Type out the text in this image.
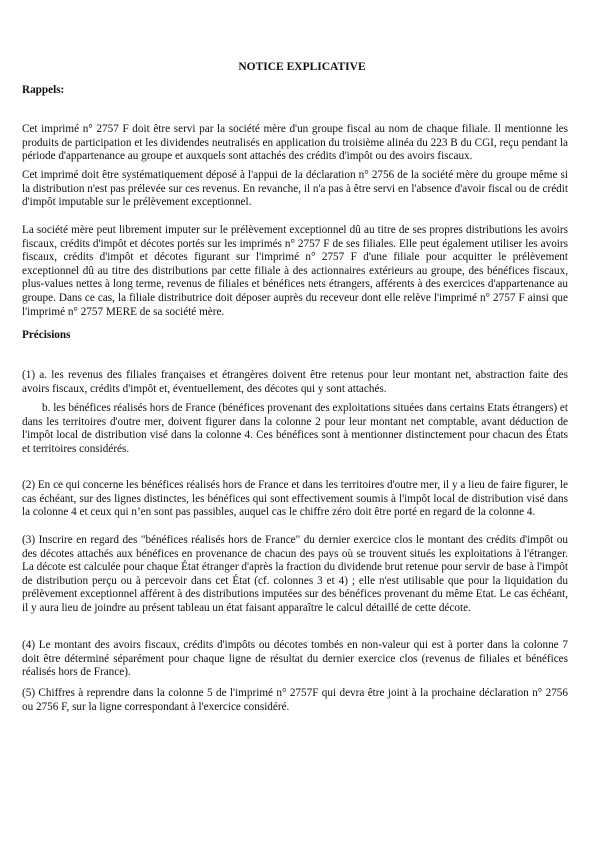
NOTICE EXPLICATIVE
Rappels:
Cet imprimé n° 2757 F doit être servi par la société mère d'un groupe fiscal au nom de chaque filiale. Il mentionne les produits de participation et les dividendes neutralisés en application du troisième alinéa du 223 B du CGI, reçu pendant la période d'appartenance au groupe et auxquels sont attachés des crédits d'impôt ou des avoirs fiscaux.
Cet imprimé doit être systématiquement déposé à l'appui de la déclaration n° 2756 de la société mère du groupe même si la distribution n'est pas prélevée sur ces revenus. En revanche, il n'a pas à être servi en l'absence d'avoir fiscal ou de crédit d'impôt imputable sur le prélèvement exceptionnel.
La société mère peut librement imputer sur le prélèvement exceptionnel dû au titre de ses propres distributions les avoirs fiscaux, crédits d'impôt et décotes portés sur les imprimés n° 2757 F de ses filiales. Elle peut également utiliser les avoirs fiscaux, crédits d'impôt et décotes figurant sur l'imprimé n° 2757 F d'une filiale pour acquitter le prélèvement exceptionnel dû au titre des distributions par cette filiale à des actionnaires extérieurs au groupe, des bénéfices fiscaux, plus-values nettes à long terme, revenus de filiales et bénéfices nets étrangers, afférents à des exercices d'appartenance au groupe. Dans ce cas, la filiale distributrice doit déposer auprès du receveur dont elle relève l'imprimé n° 2757 F ainsi que l'imprimé n° 2757 MERE de sa société mère.
Précisions
(1) a. les revenus des filiales françaises et étrangères doivent être retenus pour leur montant net, abstraction faite des avoirs fiscaux, crédits d'impôt et, éventuellement, des décotes qui y sont attachés.
b. les bénéfices réalisés hors de France (bénéfices provenant des exploitations situées dans certains Etats étrangers) et dans les territoires d'outre mer, doivent figurer dans la colonne 2 pour leur montant net comptable, avant déduction de l'impôt local de distribution visé dans la colonne 4. Ces bénéfices sont à mentionner distinctement pour chacun des États et territoires considérés.
(2) En ce qui concerne les bénéfices réalisés hors de France et dans les territoires d'outre mer, il y a lieu de faire figurer, le cas échéant, sur des lignes distinctes, les bénéfices qui sont effectivement soumis à l'impôt local de distribution visé dans la colonne 4 et ceux qui n’en sont pas passibles, auquel cas le chiffre zéro doit être porté en regard de la colonne 4.
(3) Inscrire en regard des "bénéfices réalisés hors de France" du dernier exercice clos le montant des crédits d'impôt ou des décotes attachés aux bénéfices en provenance de chacun des pays où se trouvent situés les exploitations à l'étranger. La décote est calculée pour chaque État étranger d'après la fraction du dividende brut retenue pour servir de base à l'impôt de distribution perçu ou à percevoir dans cet État (cf. colonnes 3 et 4) ; elle n'est utilisable que pour la liquidation du prélèvement exceptionnel afférent à des distributions imputées sur des bénéfices provenant du même Etat. Le cas échéant, il y aura lieu de joindre au présent tableau un état faisant apparaître le calcul détaillé de cette décote.
(4) Le montant des avoirs fiscaux, crédits d'impôts ou décotes tombés en non-valeur qui est à porter dans la colonne 7 doit être déterminé séparément pour chaque ligne de résultat du dernier exercice clos (revenus de filiales et bénéfices réalisés hors de France).
(5) Chiffres à reprendre dans la colonne 5 de l'imprimé n° 2757F qui devra être joint à la prochaine déclaration n° 2756 ou 2756 F, sur la ligne correspondant à l'exercice considéré.
